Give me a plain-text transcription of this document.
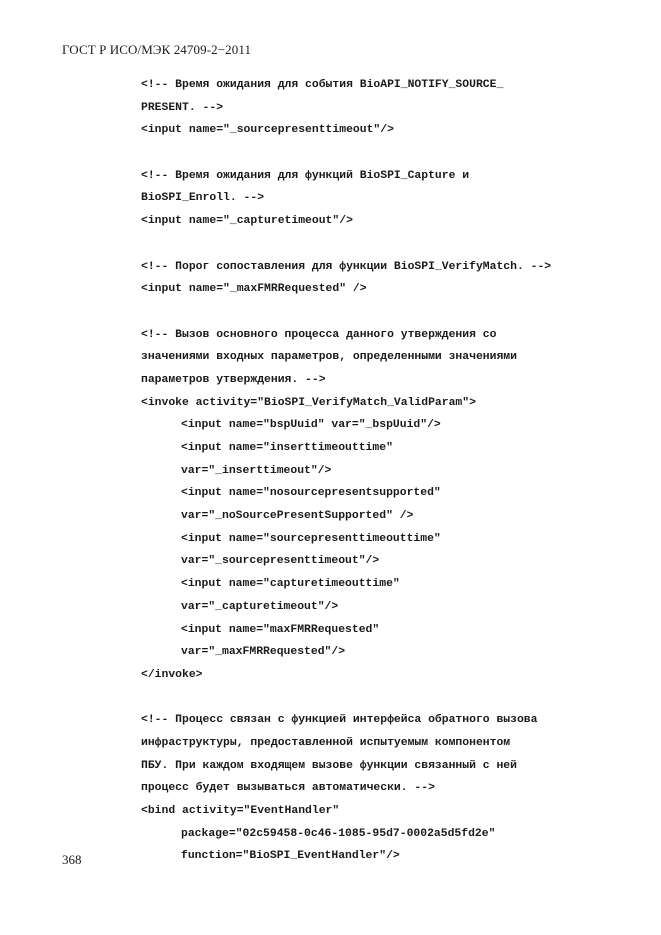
ГОСТ Р ИСО/МЭК 24709-2−2011
<!-- Время ожидания для события BioAPI_NOTIFY_SOURCE_
PRESENT. -->
<input name="_sourcepresenttimeout"/>
<!-- Время ожидания для функций BioSPI_Capture и
BioSPI_Enroll. -->
<input name="_capturetimeout"/>
<!-- Порог сопоставления для функции BioSPI_VerifyMatch. -->
<input name="_maxFMRRequested" />
<!-- Вызов основного процесса данного утверждения со
значениями входных параметров, определенными значениями
параметров утверждения. -->
<invoke activity="BioSPI_VerifyMatch_ValidParam">
<input name="bspUuid" var="_bspUuid"/>
<input name="inserttimeouttime"
var="_inserttimeout"/>
<input name="nosourcepresentsupported"
var="_noSourcePresentSupported" />
<input name="sourcepresenttimeouttime"
var="_sourcepresenttimeout"/>
<input name="capturetimeouttime"
var="_capturetimeout"/>
<input name="maxFMRRequested"
var="_maxFMRRequested"/>
</invoke>
<!-- Процесс связан с функцией интерфейса обратного вызова
инфраструктуры, предоставленной испытуемым компонентом
ПБУ. При каждом входящем вызове функции связанный с ней
процесс будет вызываться автоматически. -->
<bind activity="EventHandler"
package="02c59458-0c46-1085-95d7-0002a5d5fd2e"
function="BioSPI_EventHandler"/>
368
